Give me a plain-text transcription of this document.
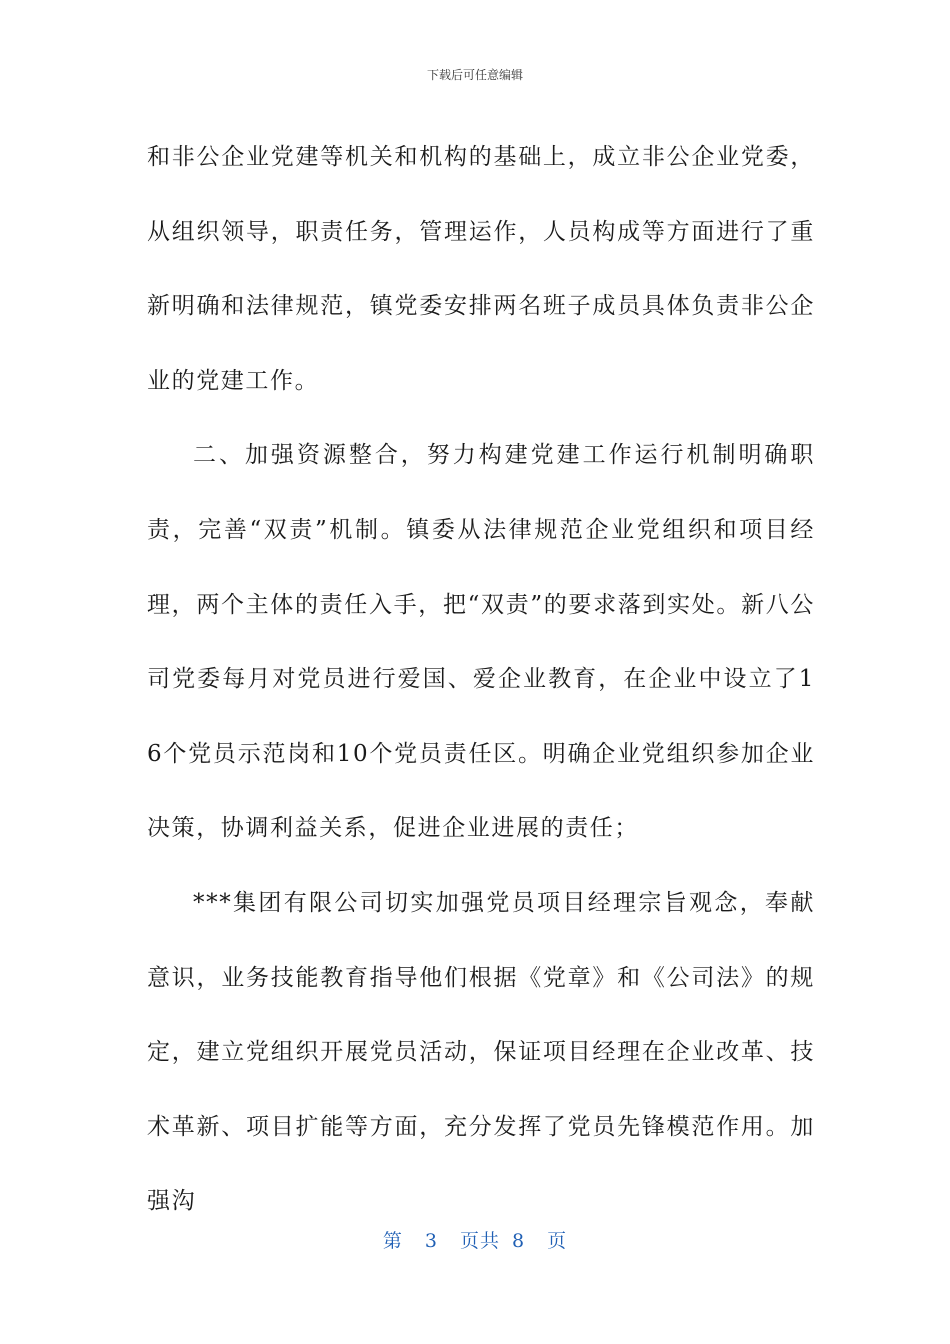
下载后可任意编辑

和非公企业党建等机关和机构的基础上，成立非公企业党委，从组织领导，职责任务，管理运作，人员构成等方面进行了重新明确和法律规范，镇党委安排两名班子成员具体负责非公企业的党建工作。

二、加强资源整合，努力构建党建工作运行机制明确职责，完善“双责”机制。镇委从法律规范企业党组织和项目经理，两个主体的责任入手，把“双责”的要求落到实处。新八公司党委每月对党员进行爱国、爱企业教育，在企业中设立了16个党员示范岗和10个党员责任区。明确企业党组织参加企业决策，协调利益关系，促进企业进展的责任；

***集团有限公司切实加强党员项目经理宗旨观念，奉献意识，业务技能教育指导他们根据《党章》和《公司法》的规定，建立党组织开展党员活动，保证项目经理在企业改革、技术革新、项目扩能等方面，充分发挥了党员先锋模范作用。加强沟

第 3 页共 8 页
